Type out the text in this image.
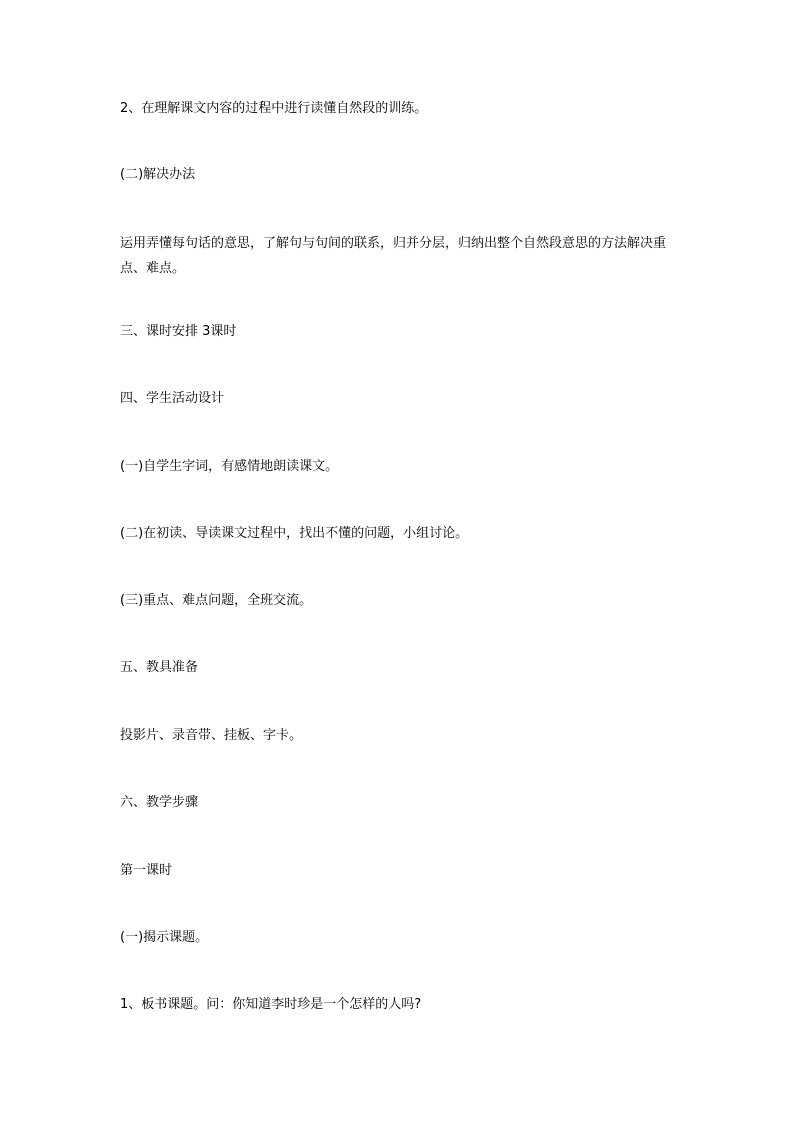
2、在理解课文内容的过程中进行读懂自然段的训练。
(二)解决办法
运用弄懂每句话的意思，了解句与句间的联系，归并分层，归纳出整个自然段意思的方法解决重点、难点。
三、课时安排 3课时
四、学生活动设计
(一)自学生字词，有感情地朗读课文。
(二)在初读、导读课文过程中，找出不懂的问题，小组讨论。
(三)重点、难点问题，全班交流。
五、教具准备
投影片、录音带、挂板、字卡。
六、教学步骤
第一课时
(一)揭示课题。
1、板书课题。问：你知道李时珍是一个怎样的人吗?
